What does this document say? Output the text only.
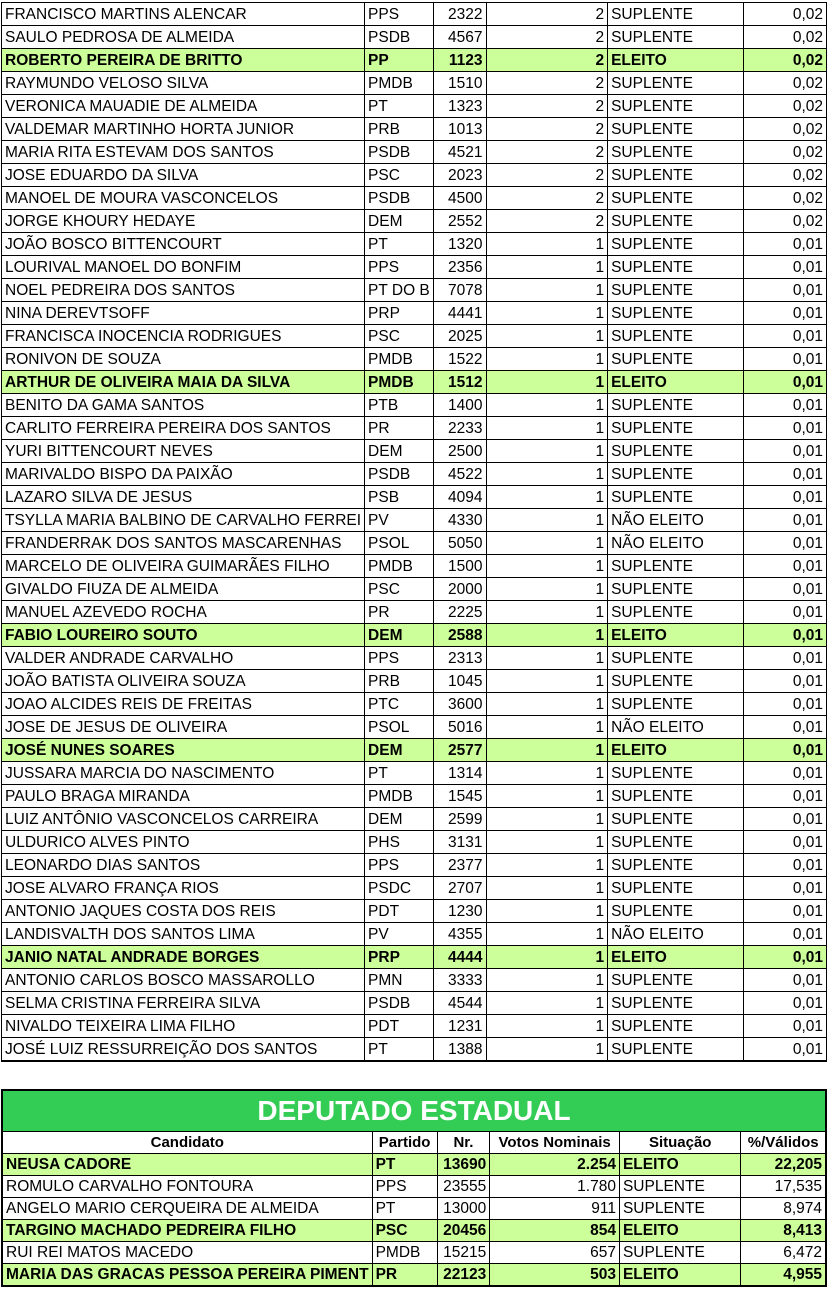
FRANCISCO MARTINS ALENCAR	PPS	2322	2	SUPLENTE	0,02
SAULO PEDROSA DE ALMEIDA	PSDB	4567	2	SUPLENTE	0,02
ROBERTO PEREIRA DE BRITTO	PP	1123	2	ELEITO	0,02
RAYMUNDO VELOSO SILVA	PMDB	1510	2	SUPLENTE	0,02
VERONICA MAUADIE DE ALMEIDA	PT	1323	2	SUPLENTE	0,02
VALDEMAR MARTINHO HORTA JUNIOR	PRB	1013	2	SUPLENTE	0,02
MARIA RITA ESTEVAM DOS SANTOS	PSDB	4521	2	SUPLENTE	0,02
JOSE EDUARDO DA SILVA	PSC	2023	2	SUPLENTE	0,02
MANOEL DE MOURA VASCONCELOS	PSDB	4500	2	SUPLENTE	0,02
JORGE KHOURY HEDAYE	DEM	2552	2	SUPLENTE	0,02
JOÃO BOSCO BITTENCOURT	PT	1320	1	SUPLENTE	0,01
LOURIVAL MANOEL DO BONFIM	PPS	2356	1	SUPLENTE	0,01
NOEL PEDREIRA DOS SANTOS	PT DO B	7078	1	SUPLENTE	0,01
NINA DEREVTSOFF	PRP	4441	1	SUPLENTE	0,01
FRANCISCA INOCENCIA RODRIGUES	PSC	2025	1	SUPLENTE	0,01
RONIVON DE SOUZA	PMDB	1522	1	SUPLENTE	0,01
ARTHUR DE OLIVEIRA MAIA DA SILVA	PMDB	1512	1	ELEITO	0,01
BENITO DA GAMA SANTOS	PTB	1400	1	SUPLENTE	0,01
CARLITO FERREIRA PEREIRA DOS SANTOS	PR	2233	1	SUPLENTE	0,01
YURI BITTENCOURT NEVES	DEM	2500	1	SUPLENTE	0,01
MARIVALDO BISPO DA PAIXÃO	PSDB	4522	1	SUPLENTE	0,01
LAZARO SILVA DE JESUS	PSB	4094	1	SUPLENTE	0,01
TSYLLA MARIA BALBINO DE CARVALHO FERREI	PV	4330	1	NÃO ELEITO	0,01
FRANDERRAK DOS SANTOS MASCARENHAS	PSOL	5050	1	NÃO ELEITO	0,01
MARCELO DE OLIVEIRA GUIMARÃES FILHO	PMDB	1500	1	SUPLENTE	0,01
GIVALDO FIUZA DE ALMEIDA	PSC	2000	1	SUPLENTE	0,01
MANUEL AZEVEDO ROCHA	PR	2225	1	SUPLENTE	0,01
FABIO LOUREIRO SOUTO	DEM	2588	1	ELEITO	0,01
VALDER ANDRADE CARVALHO	PPS	2313	1	SUPLENTE	0,01
JOÃO BATISTA OLIVEIRA SOUZA	PRB	1045	1	SUPLENTE	0,01
JOAO ALCIDES REIS DE FREITAS	PTC	3600	1	SUPLENTE	0,01
JOSE DE JESUS DE OLIVEIRA	PSOL	5016	1	NÃO ELEITO	0,01
JOSÉ NUNES SOARES	DEM	2577	1	ELEITO	0,01
JUSSARA MARCIA DO NASCIMENTO	PT	1314	1	SUPLENTE	0,01
PAULO BRAGA MIRANDA	PMDB	1545	1	SUPLENTE	0,01
LUIZ ANTÔNIO VASCONCELOS CARREIRA	DEM	2599	1	SUPLENTE	0,01
ULDURICO ALVES PINTO	PHS	3131	1	SUPLENTE	0,01
LEONARDO DIAS SANTOS	PPS	2377	1	SUPLENTE	0,01
JOSE ALVARO FRANÇA RIOS	PSDC	2707	1	SUPLENTE	0,01
ANTONIO JAQUES COSTA DOS REIS	PDT	1230	1	SUPLENTE	0,01
LANDISVALTH DOS SANTOS LIMA	PV	4355	1	NÃO ELEITO	0,01
JANIO NATAL ANDRADE BORGES	PRP	4444	1	ELEITO	0,01
ANTONIO CARLOS BOSCO MASSAROLLO	PMN	3333	1	SUPLENTE	0,01
SELMA CRISTINA FERREIRA SILVA	PSDB	4544	1	SUPLENTE	0,01
NIVALDO TEIXEIRA LIMA FILHO	PDT	1231	1	SUPLENTE	0,01
JOSÉ LUIZ RESSURREIÇÃO DOS SANTOS	PT	1388	1	SUPLENTE	0,01
DEPUTADO ESTADUAL					
Candidato	Partido	Nr.	Votos Nominais	Situação	%/Válidos
NEUSA CADORE	PT	13690	2.254	ELEITO	22,205
ROMULO CARVALHO FONTOURA	PPS	23555	1.780	SUPLENTE	17,535
ANGELO MARIO CERQUEIRA DE ALMEIDA	PT	13000	911	SUPLENTE	8,974
TARGINO MACHADO PEDREIRA FILHO	PSC	20456	854	ELEITO	8,413
RUI REI MATOS MACEDO	PMDB	15215	657	SUPLENTE	6,472
MARIA DAS GRACAS PESSOA PEREIRA PIMENT	PR	22123	503	ELEITO	4,955
